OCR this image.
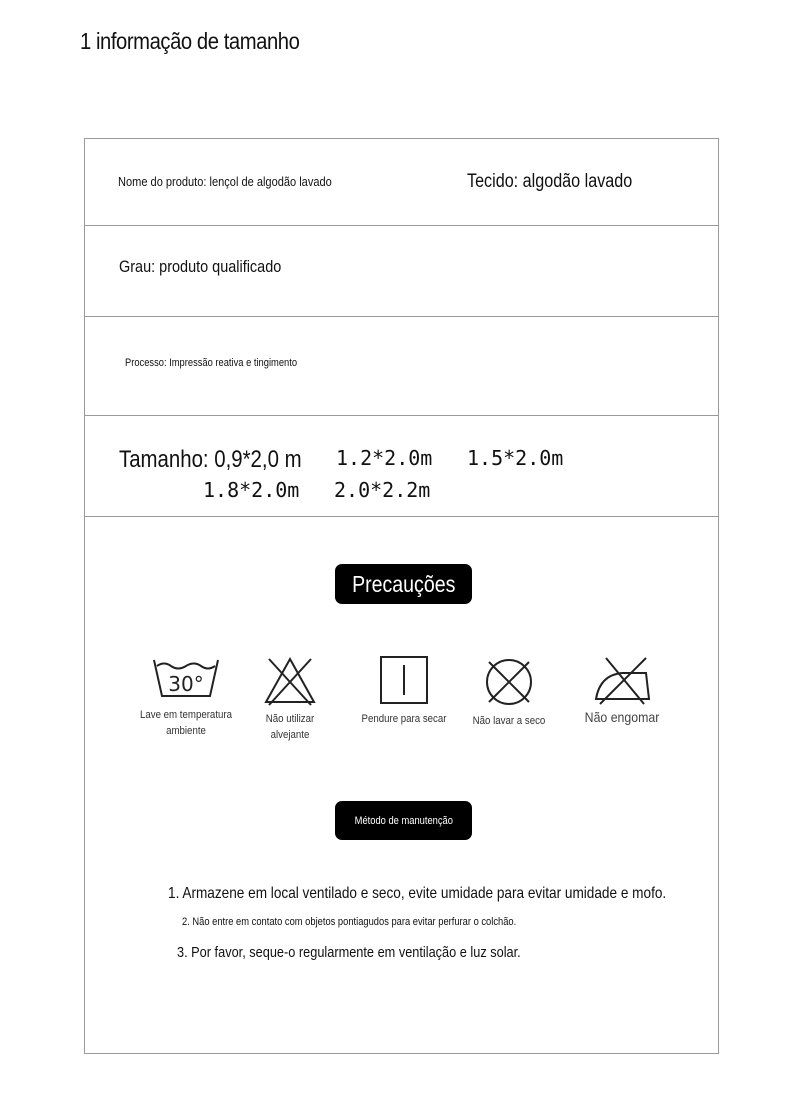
1 informação de tamanho
Nome do produto: lençol de algodão lavado	Tecido: algodão lavado
Grau: produto qualificado
Processo: Impressão reativa e tingimento
Tamanho: 0,9*2,0 m	1.2*2.0m 1.5*2.0m
1.8*2.0m 2.0*2.2m
Precauções
30°
Lave em temperatura ambiente
Não utilizar alvejante
Pendure para secar	Não lavar a seco	Não engomar
Método de manutenção
1. Armazene em local ventilado e seco, evite umidade para evitar umidade e mofo.
2. Não entre em contato com objetos pontiagudos para evitar perfurar o colchão.
3. Por favor, seque-o regularmente em ventilação e luz solar.
